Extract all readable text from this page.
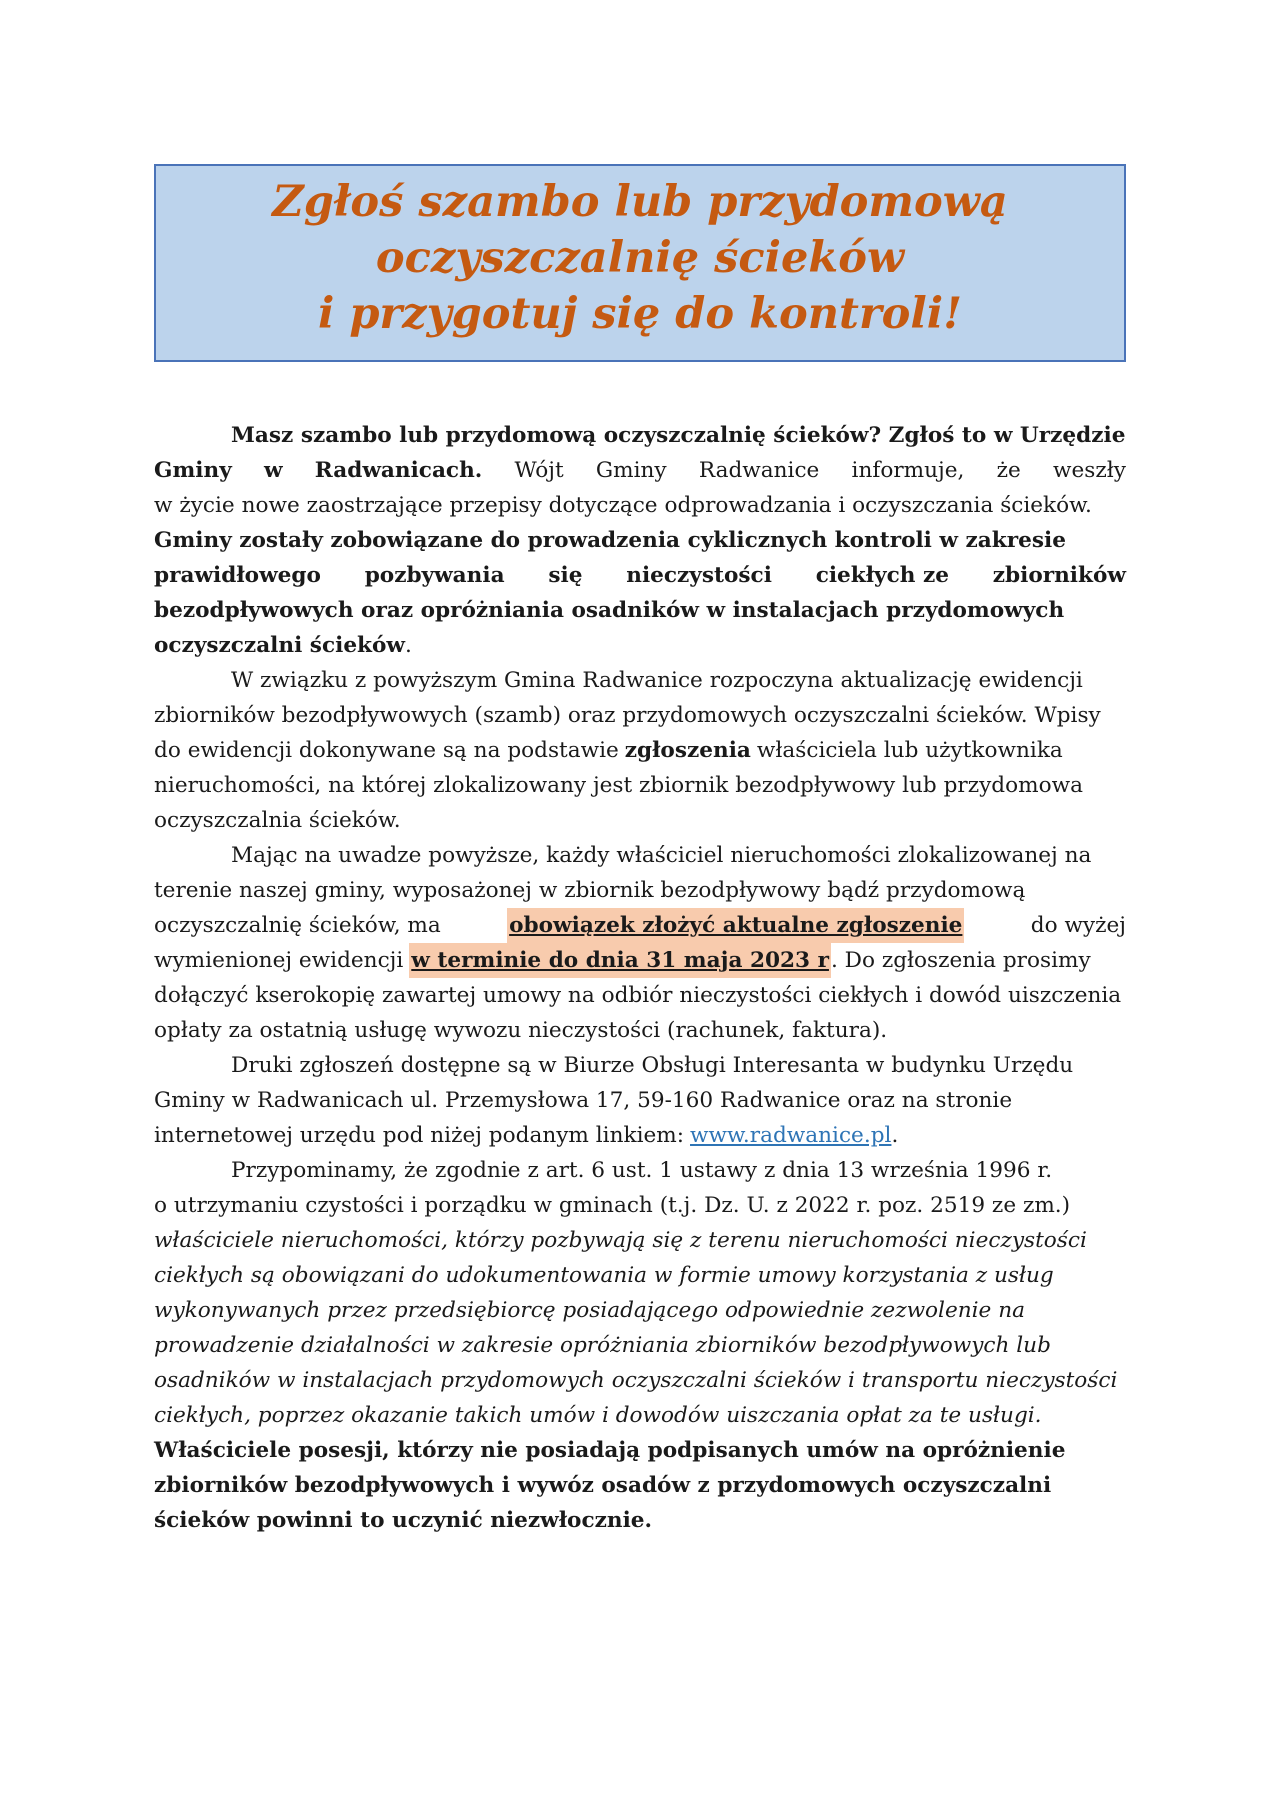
Zgłoś szambo lub przydomową
oczyszczalnię ścieków
i przygotuj się do kontroli!
Masz szambo lub przydomową oczyszczalnię ścieków? Zgłoś to w Urzędzie
Gminy w Radwanicach. Wójt Gminy Radwanice informuje, że weszły
w życie nowe zaostrzające przepisy dotyczące odprowadzania i oczyszczania ścieków.
Gminy zostały zobowiązane do prowadzenia cyklicznych kontroli w zakresie
prawidłowego pozbywania się nieczystości ciekłych ze zbiorników
bezodpływowych oraz opróżniania osadników w instalacjach przydomowych
oczyszczalni ścieków .
W związku z powyższym Gmina Radwanice rozpoczyna aktualizację ewidencji
zbiorników bezodpływowych (szamb) oraz przydomowych oczyszczalni ścieków. Wpisy
do ewidencji dokonywane są na podstawie zgłoszenia właściciela lub użytkownika
nieruchomości, na której zlokalizowany jest zbiornik bezodpływowy lub przydomowa
oczyszczalnia ścieków.
Mając na uwadze powyższe, każdy właściciel nieruchomości zlokalizowanej na
terenie naszej gminy, wyposażonej w zbiornik bezodpływowy bądź przydomową
oczyszczalnię ścieków, ma	obowiązek złożyć aktualne zgłoszenie	do wyżej
wymienionej ewidencji w terminie do dnia 31 maja 2023 r . Do zgłoszenia prosimy
dołączyć kserokopię zawartej umowy na odbiór nieczystości ciekłych i dowód uiszczenia
opłaty za ostatnią usługę wywozu nieczystości (rachunek, faktura).
Druki zgłoszeń dostępne są w Biurze Obsługi Interesanta w budynku Urzędu
Gminy w Radwanicach ul. Przemysłowa 17, 59-160 Radwanice oraz na stronie
internetowej urzędu pod niżej podanym linkiem: www.radwanice.pl .
Przypominamy, że zgodnie z art. 6 ust. 1 ustawy z dnia 13 września 1996 r.
o utrzymaniu czystości i porządku w gminach (t.j. Dz. U. z 2022 r. poz. 2519 ze zm.)
właściciele nieruchomości, którzy pozbywają się z terenu nieruchomości nieczystości
ciekłych są obowiązani do udokumentowania w formie umowy korzystania z usług
wykonywanych przez przedsiębiorcę posiadającego odpowiednie zezwolenie na
prowadzenie działalności w zakresie opróżniania zbiorników bezodpływowych lub
osadników w instalacjach przydomowych oczyszczalni ścieków i transportu nieczystości
ciekłych, poprzez okazanie takich umów i dowodów uiszczania opłat za te usługi.
Właściciele posesji, którzy nie posiadają podpisanych umów na opróżnienie
zbiorników bezodpływowych i wywóz osadów z przydomowych oczyszczalni
ścieków powinni to uczynić niezwłocznie.
